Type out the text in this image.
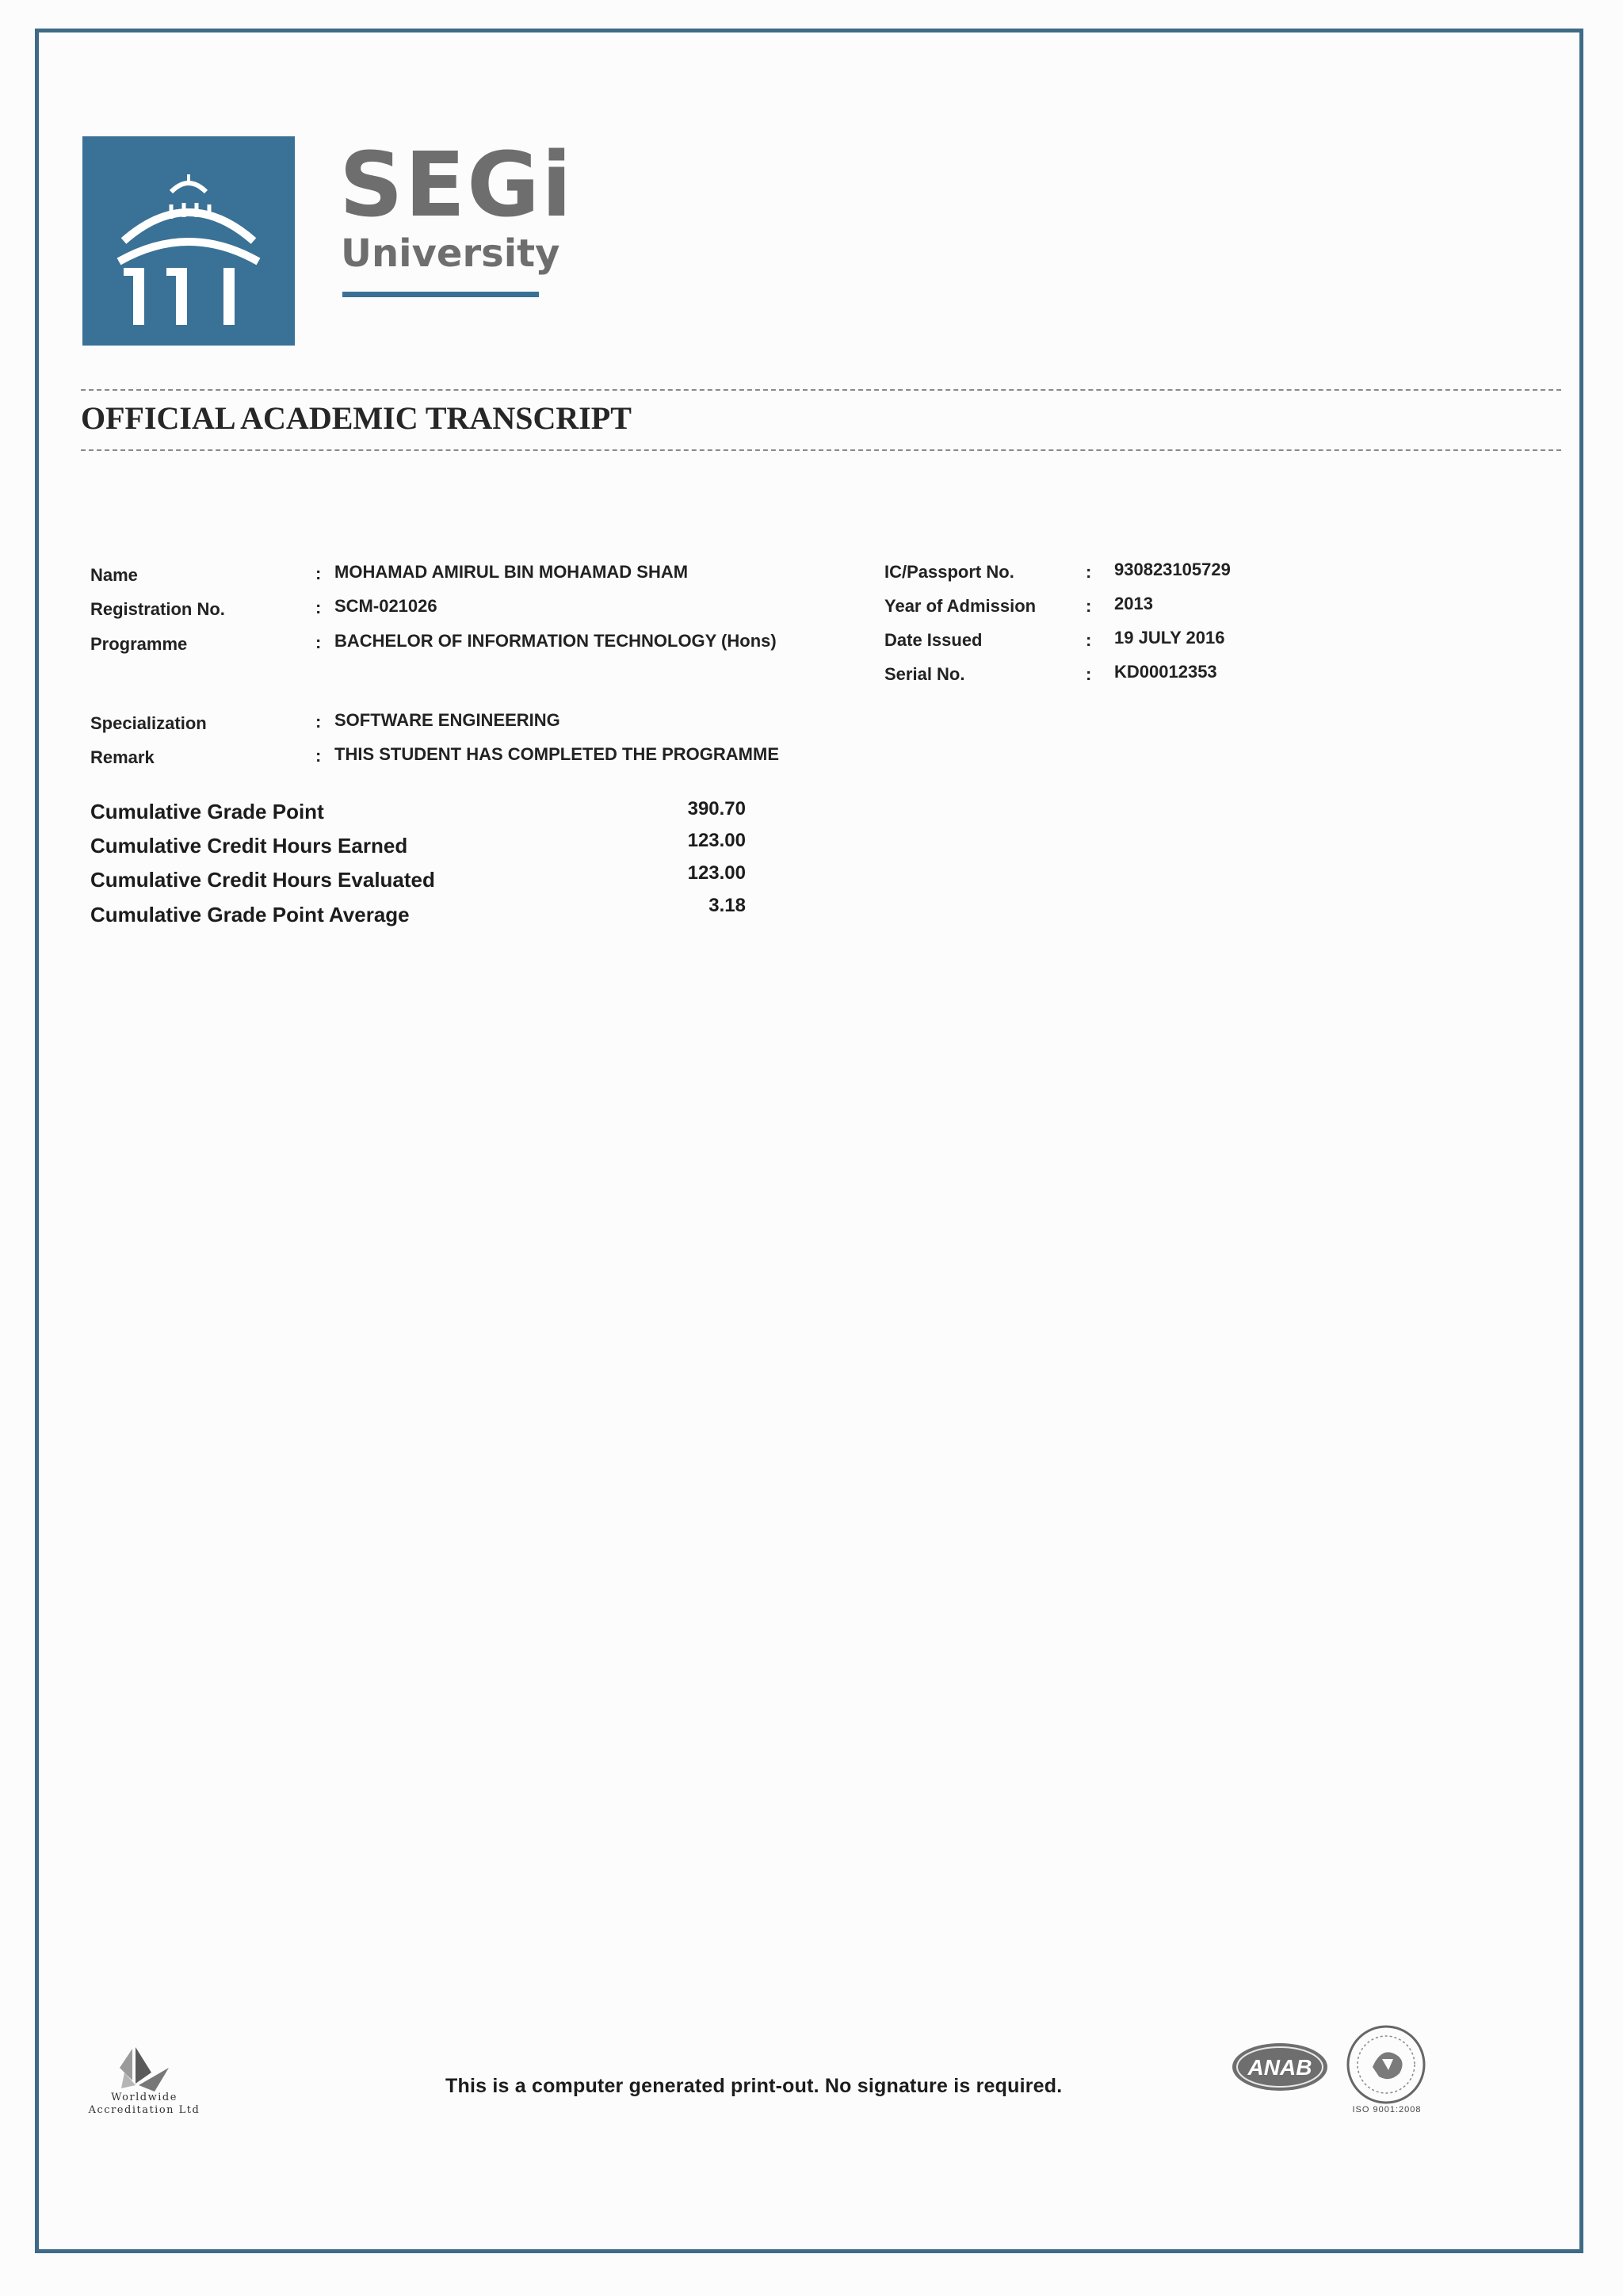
SEGi
University
OFFICIAL ACADEMIC TRANSCRIPT
Name	: MOHAMAD AMIRUL BIN MOHAMAD SHAM
Registration No.	: SCM-021026
Programme	: BACHELOR OF INFORMATION TECHNOLOGY (Hons)
Specialization	: SOFTWARE ENGINEERING
Remark	: THIS STUDENT HAS COMPLETED THE PROGRAMME
IC/Passport No.	: 930823105729
Year of Admission	: 2013
Date Issued	: 19 JULY 2016
Serial No.	: KD00012353
Cumulative Grade Point	390.70
Cumulative Credit Hours Earned	123.00
Cumulative Credit Hours Evaluated	123.00
Cumulative Grade Point Average	3.18
Worldwide
Accreditation Ltd
This is a computer generated print-out. No signature is required.
ANAB
ISO 9001:2008
